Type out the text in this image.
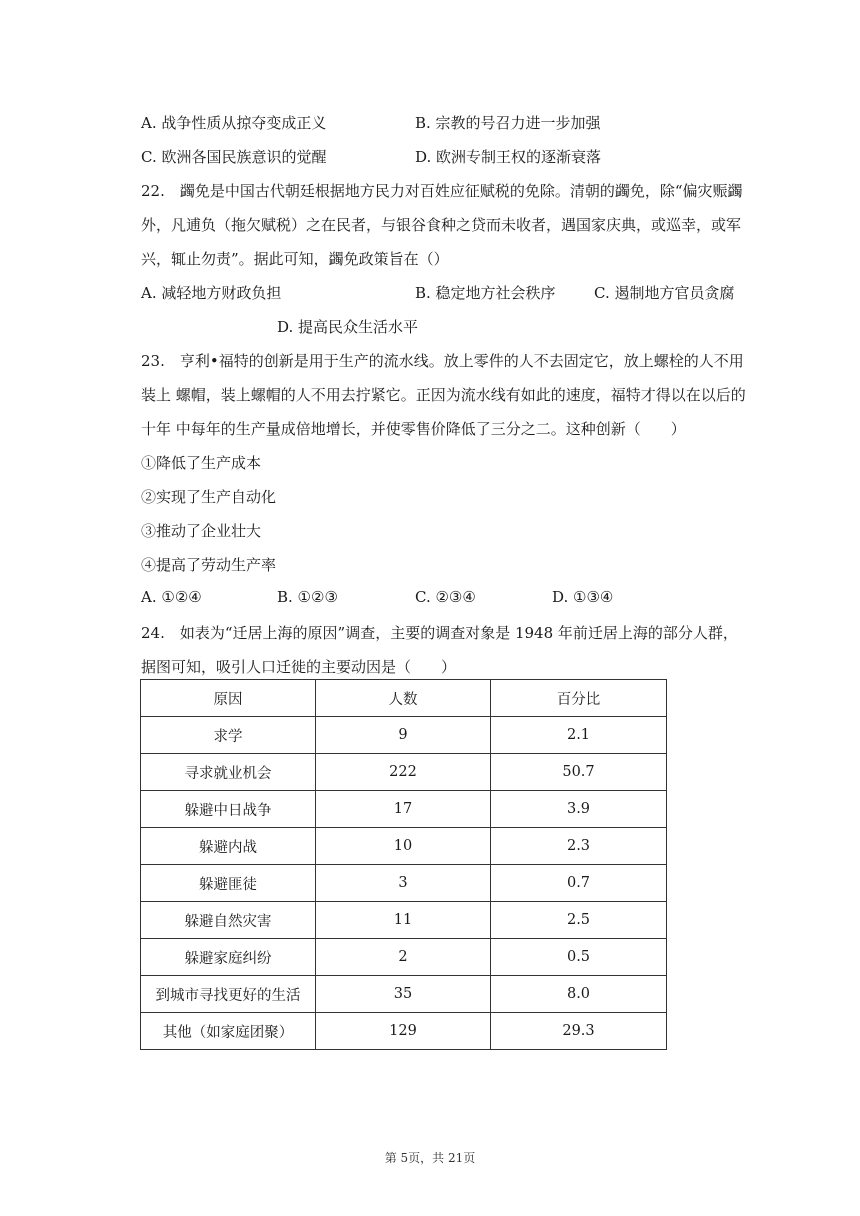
A. 战争性质从掠夺变成正义	B. 宗教的号召力进一步加强
C. 欧洲各国民族意识的觉醒	D. 欧洲专制王权的逐渐衰落
22.　蠲免是中国古代朝廷根据地方民力对百姓应征赋税的免除。清朝的蠲免，除“偏灾赈蠲
外，凡逋负（拖欠赋税）之在民者，与银谷食种之贷而未收者，遇国家庆典，或巡幸，或军
兴，辄止勿责”。据此可知，蠲免政策旨在（）
A. 减轻地方财政负担	B. 稳定地方社会秩序	C. 遏制地方官员贪腐
D. 提高民众生活水平
23.　亨利•福特的创新是用于生产的流水线。放上零件的人不去固定它，放上螺栓的人不用
装上 螺帽，装上螺帽的人不用去拧紧它。正因为流水线有如此的速度，福特才得以在以后的
十年 中每年的生产量成倍地增长，并使零售价降低了三分之二。这种创新（　　）
①降低了生产成本
②实现了生产自动化
③推动了企业壮大
④提高了劳动生产率
A. ①②④	B. ①②③	C. ②③④	D. ①③④
24.　如表为“迁居上海的原因”调查，主要的调查对象是 1948 年前迁居上海的部分人群，
据图可知，吸引人口迁徙的主要动因是（　　）
原因	人数	百分比
求学	9	2.1
寻求就业机会	222	50.7
躲避中日战争	17	3.9
躲避内战	10	2.3
躲避匪徒	3	0.7
躲避自然灾害	11	2.5
躲避家庭纠纷	2	0.5
到城市寻找更好的生活	35	8.0
其他（如家庭团聚）	129	29.3
第 5页，共 21页
